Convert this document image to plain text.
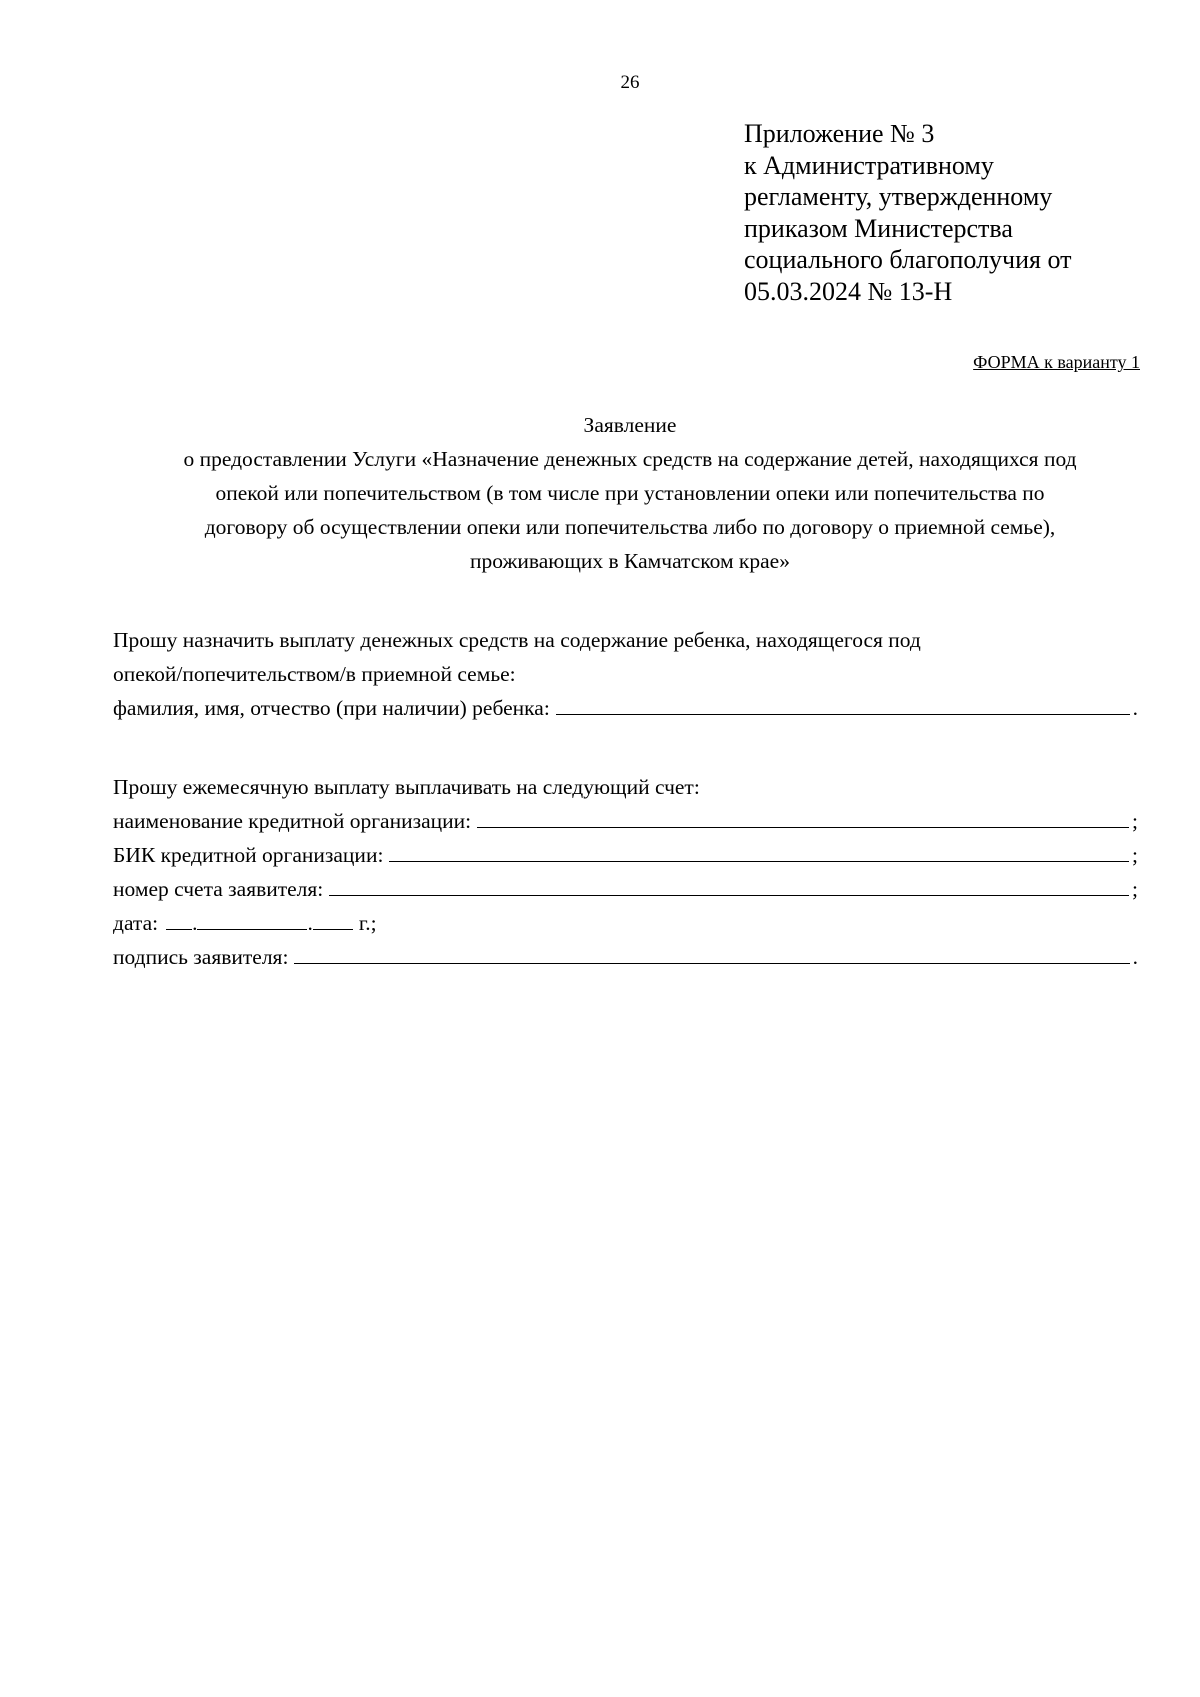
26
Приложение № 3
к Административному
регламенту, утвержденному
приказом Министерства
социального благополучия от
05.03.2024 № 13-Н
ФОРМА к варианту 1
Заявление
о предоставлении Услуги «Назначение денежных средств на содержание детей, находящихся под
опекой или попечительством (в том числе при установлении опеки или попечительства по
договору об осуществлении опеки или попечительства либо по договору о приемной семье),
проживающих в Камчатском крае»
Прошу назначить выплату денежных средств на содержание ребенка, находящегося под
опекой/попечительством/в приемной семье:
фамилия, имя, отчество (при наличии) ребенка:	.
Прошу ежемесячную выплату выплачивать на следующий счет:
наименование кредитной организации:	;
БИК кредитной организации:	;
номер счета заявителя:	;
дата: .	. г.;
подпись заявителя:	.
